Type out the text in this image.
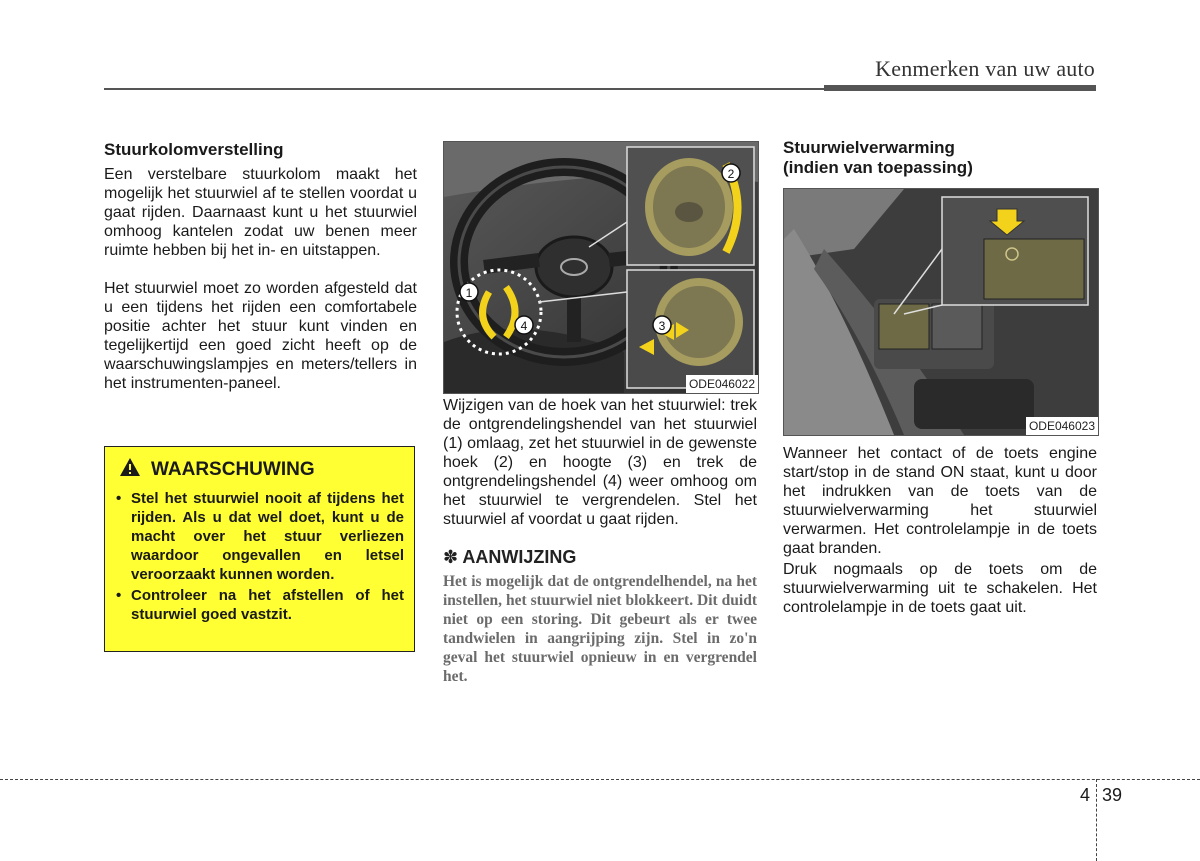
Kenmerken van uw auto
Stuurkolomverstelling

Een verstelbare stuurkolom maakt het mogelijk het stuurwiel af te stellen voordat u gaat rijden. Daarnaast kunt u het stuurwiel omhoog kantelen zodat uw benen meer ruimte hebben bij het in- en uitstappen.

Het stuurwiel moet zo worden afgesteld dat u een tijdens het rijden een comfortabele positie achter het stuur kunt vinden en tegelijkertijd een goed zicht heeft op de waarschuwingslampjes en meters/tellers in het instrumenten-paneel.

WAARSCHUWING
• Stel het stuurwiel nooit af tijdens het rijden. Als u dat wel doet, kunt u de macht over het stuur verliezen waardoor ongevallen en letsel veroorzaakt kunnen worden.
• Controleer na het afstellen of het stuurwiel goed vastzit.
1
2
3
4
ODE046022

Wijzigen van de hoek van het stuurwiel: trek de ontgrendelingshendel van het stuurwiel (1) omlaag, zet het stuurwiel in de gewenste hoek (2) en hoogte (3) en trek de ontgrendelingshendel (4) weer omhoog om het stuurwiel te vergrendelen. Stel het stuurwiel af voordat u gaat rijden.

✽ AANWIJZING

Het is mogelijk dat de ontgrendelhendel, na het instellen, het stuurwiel niet blokkeert. Dit duidt niet op een storing. Dit gebeurt als er twee tandwielen in aangrijping zijn. Stel in zo'n geval het stuurwiel opnieuw in en vergrendel het.

Stuurwielverwarming
(indien van toepassing)
ODE046023

Wanneer het contact of de toets engine start/stop in de stand ON staat, kunt u door het indrukken van de toets van de stuurwielverwarming het stuurwiel verwarmen. Het controlelampje in de toets gaat branden.

Druk nogmaals op de toets om de stuurwielverwarming uit te schakelen. Het controlelampje in de toets gaat uit.

4 39
